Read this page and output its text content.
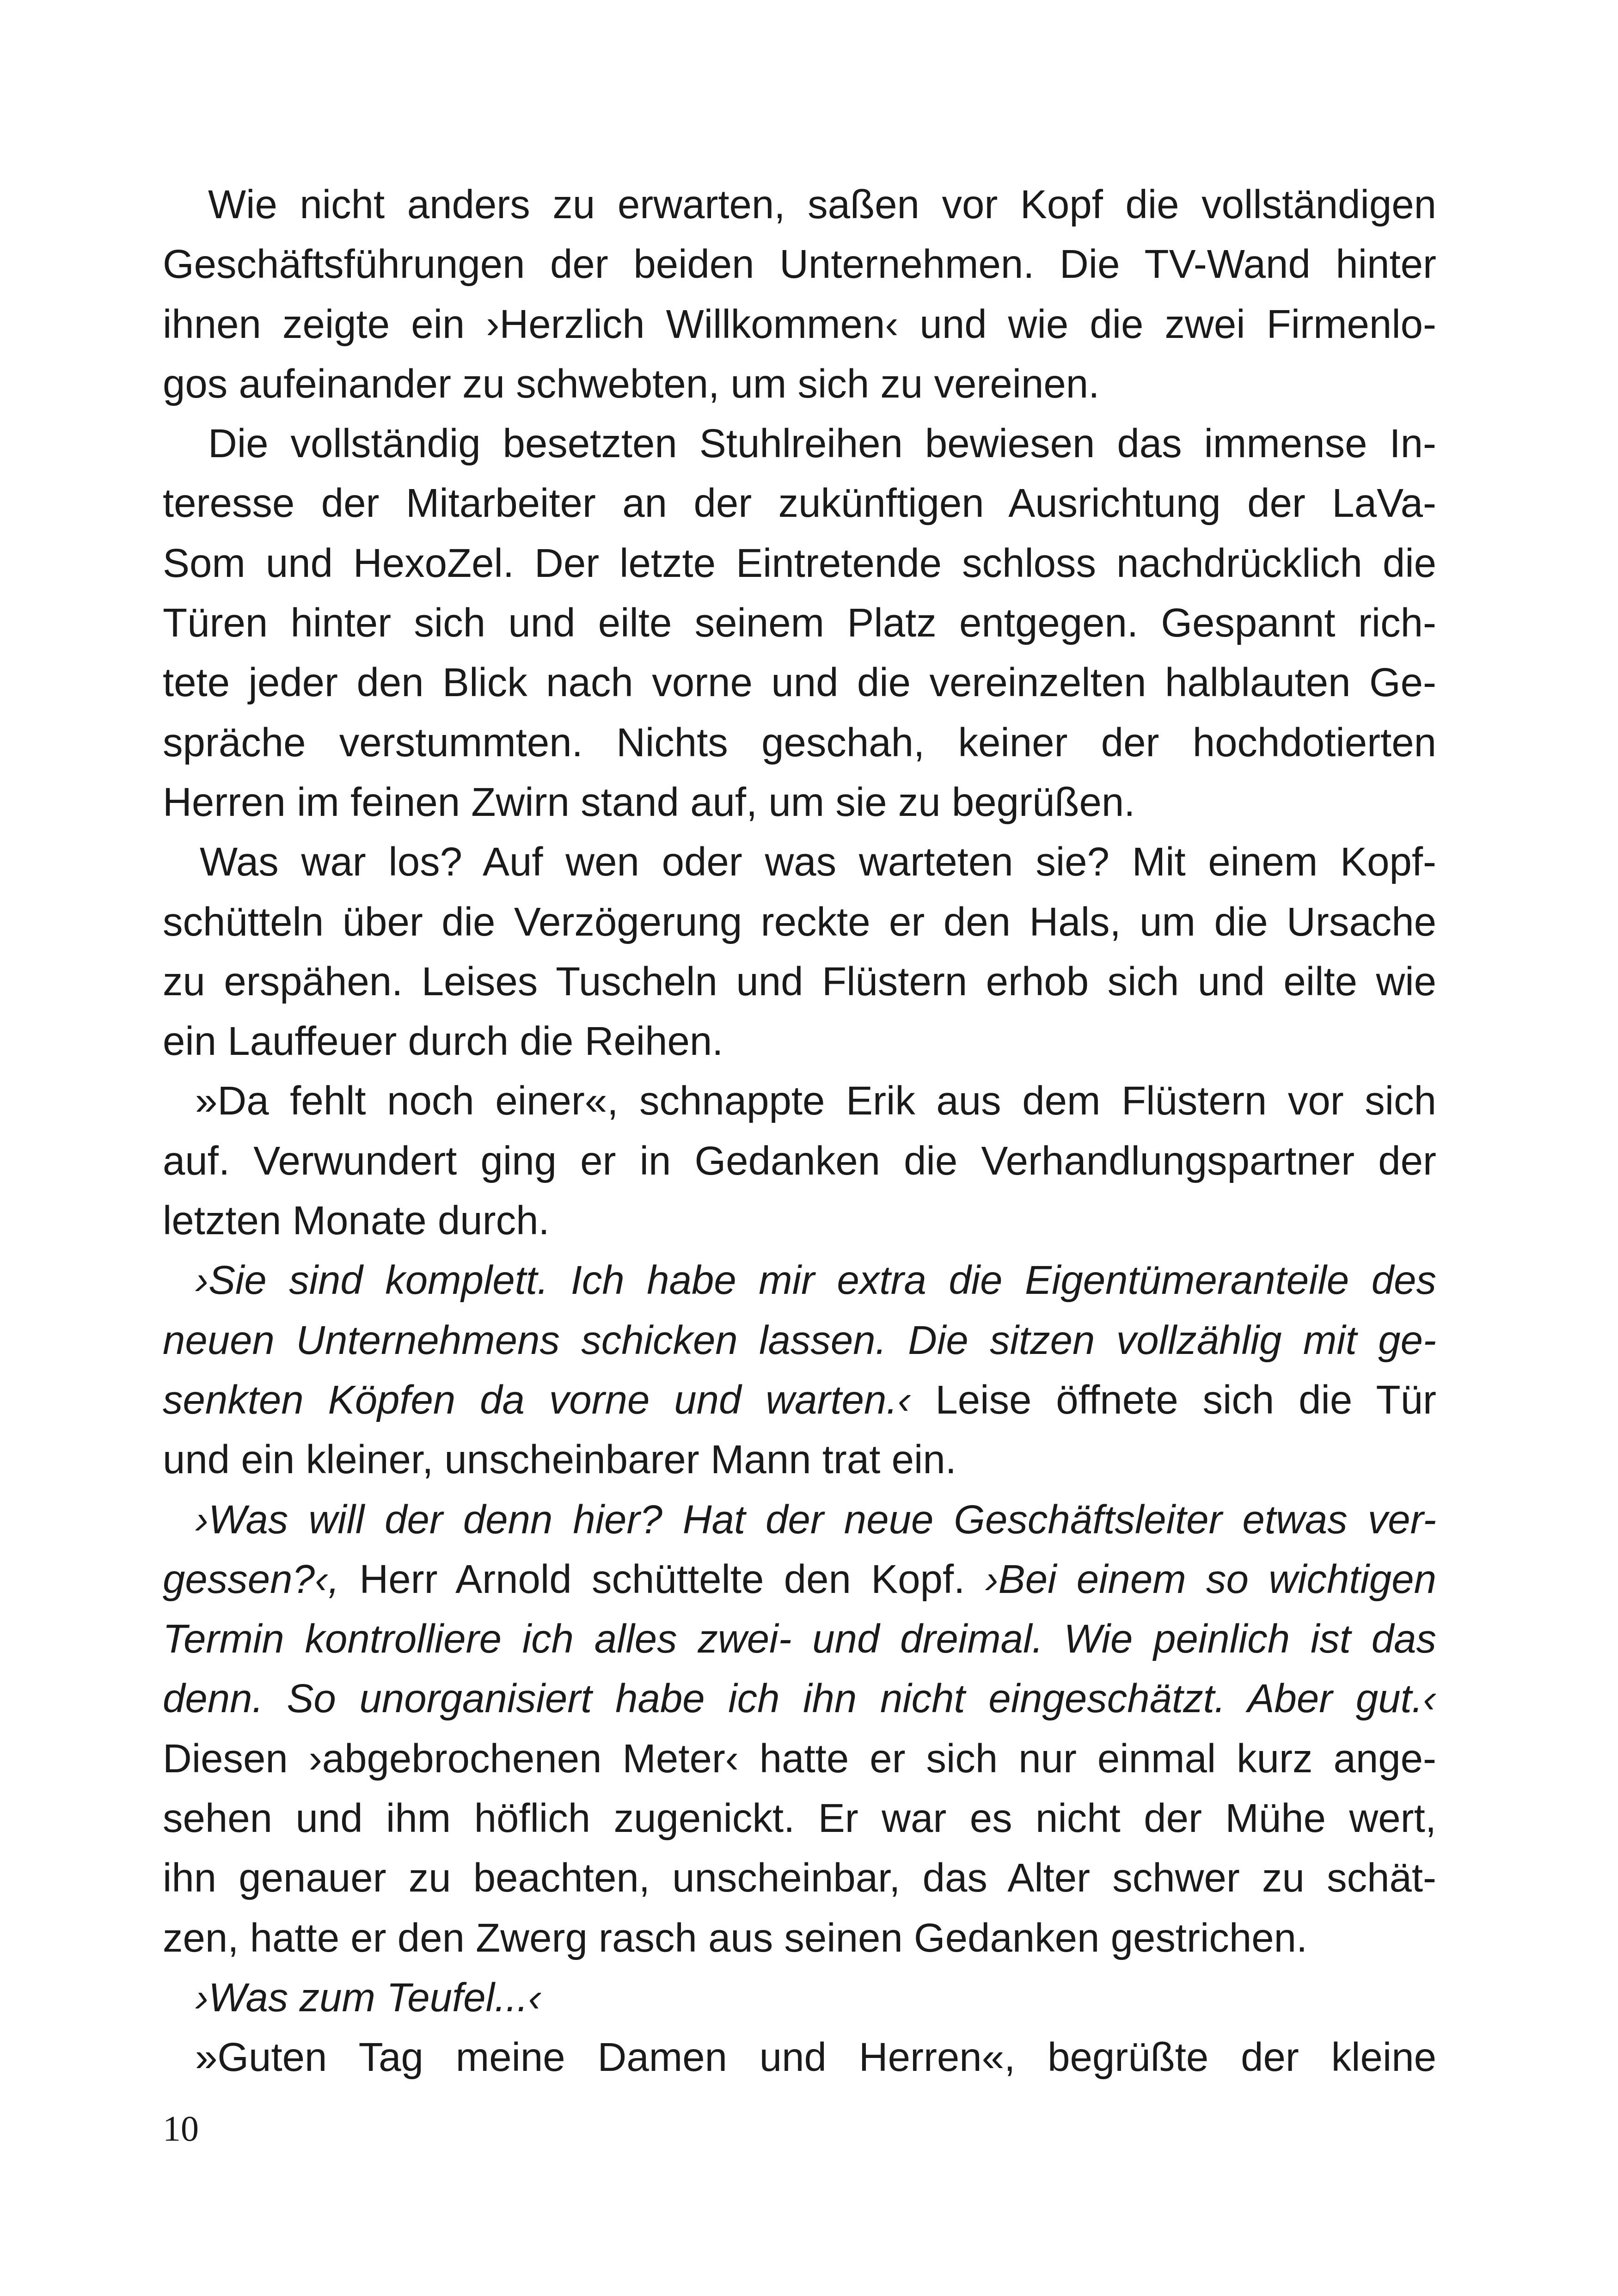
Wie nicht anders zu erwarten, saßen vor Kopf die vollständigen
Geschäftsführungen der beiden Unternehmen. Die TV-Wand hinter
ihnen zeigte ein ›Herzlich Willkommen‹ und wie die zwei Firmenlo-
gos aufeinander zu schwebten, um sich zu vereinen.
Die vollständig besetzten Stuhlreihen bewiesen das immense In-
teresse der Mitarbeiter an der zukünftigen Ausrichtung der LaVa-
Som und HexoZel. Der letzte Eintretende schloss nachdrücklich die
Türen hinter sich und eilte seinem Platz entgegen. Gespannt rich-
tete jeder den Blick nach vorne und die vereinzelten halblauten Ge-
spräche verstummten. Nichts geschah, keiner der hochdotierten
Herren im feinen Zwirn stand auf, um sie zu begrüßen.
Was war los? Auf wen oder was warteten sie? Mit einem Kopf-
schütteln über die Verzögerung reckte er den Hals, um die Ursache
zu erspähen. Leises Tuscheln und Flüstern erhob sich und eilte wie
ein Lauffeuer durch die Reihen.
»Da fehlt noch einer«, schnappte Erik aus dem Flüstern vor sich
auf. Verwundert ging er in Gedanken die Verhandlungspartner der
letzten Monate durch.
›Sie sind komplett. Ich habe mir extra die Eigentümeranteile des
neuen Unternehmens schicken lassen. Die sitzen vollzählig mit ge-
senkten Köpfen da vorne und warten.‹ Leise öffnete sich die Tür
und ein kleiner, unscheinbarer Mann trat ein.
›Was will der denn hier? Hat der neue Geschäftsleiter etwas ver-
gessen?‹, Herr Arnold schüttelte den Kopf. ›Bei einem so wichtigen
Termin kontrolliere ich alles zwei- und dreimal. Wie peinlich ist das
denn. So unorganisiert habe ich ihn nicht eingeschätzt. Aber gut.‹
Diesen ›abgebrochenen Meter‹ hatte er sich nur einmal kurz ange-
sehen und ihm höflich zugenickt. Er war es nicht der Mühe wert,
ihn genauer zu beachten, unscheinbar, das Alter schwer zu schät-
zen, hatte er den Zwerg rasch aus seinen Gedanken gestrichen.
›Was zum Teufel...‹
»Guten Tag meine Damen und Herren«, begrüßte der kleine
10
